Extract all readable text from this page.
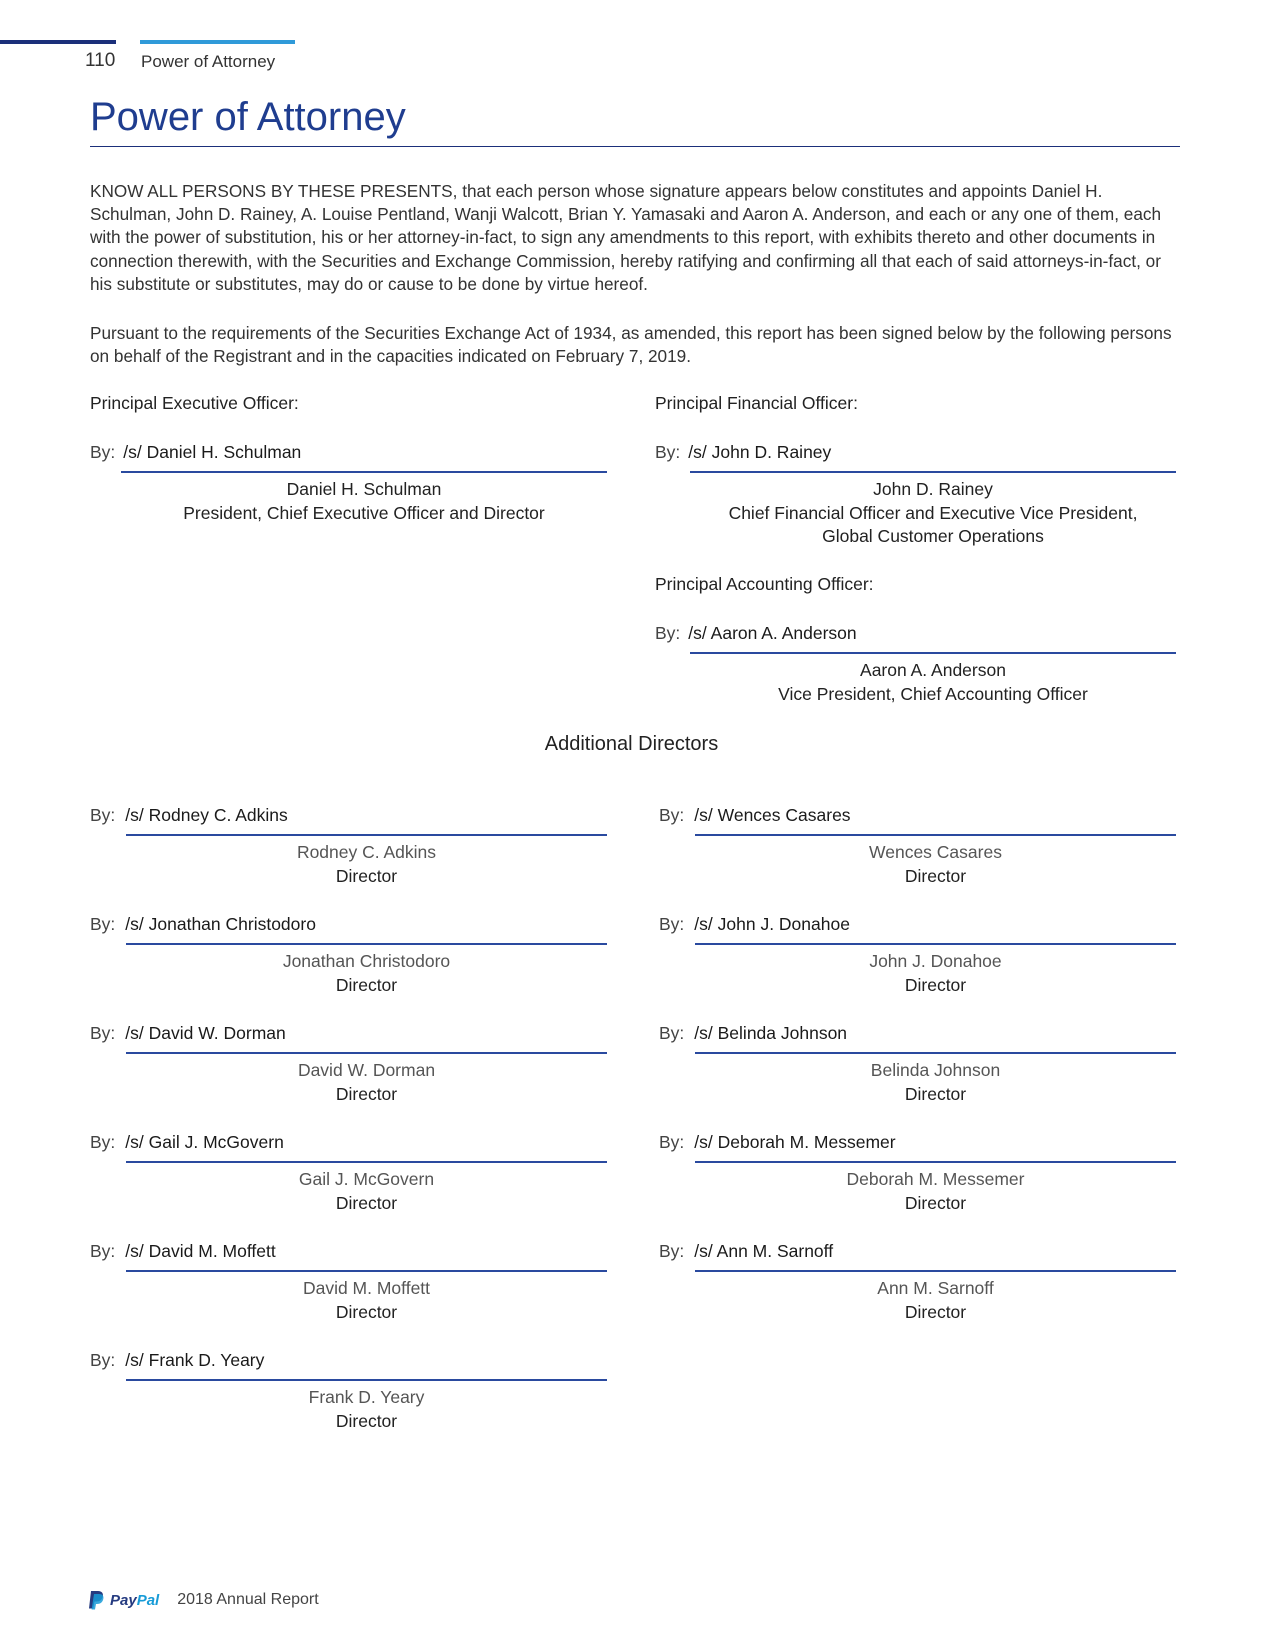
110 Power of Attorney
Power of Attorney

KNOW ALL PERSONS BY THESE PRESENTS, that each person whose signature appears below constitutes and appoints Daniel H. Schulman, John D. Rainey, A. Louise Pentland, Wanji Walcott, Brian Y. Yamasaki and Aaron A. Anderson, and each or any one of them, each with the power of substitution, his or her attorney-in-fact, to sign any amendments to this report, with exhibits thereto and other documents in connection therewith, with the Securities and Exchange Commission, hereby ratifying and confirming all that each of said attorneys-in-fact, or his substitute or substitutes, may do or cause to be done by virtue hereof.

Pursuant to the requirements of the Securities Exchange Act of 1934, as amended, this report has been signed below by the following persons on behalf of the Registrant and in the capacities indicated on February 7, 2019.

Principal Executive Officer:
By: /s/ Daniel H. Schulman
Daniel H. Schulman
President, Chief Executive Officer and Director
Principal Financial Officer:
By: /s/ John D. Rainey
John D. Rainey
Chief Financial Officer and Executive Vice President,
Global Customer Operations
Principal Accounting Officer:
By: /s/ Aaron A. Anderson
Aaron A. Anderson
Vice President, Chief Accounting Officer
Additional Directors
By: /s/ Rodney C. Adkins
Rodney C. Adkins
Director
By: /s/ Wences Casares
Wences Casares
Director
By: /s/ Jonathan Christodoro
Jonathan Christodoro
Director
By: /s/ John J. Donahoe
John J. Donahoe
Director
By: /s/ David W. Dorman
David W. Dorman
Director
By: /s/ Belinda Johnson
Belinda Johnson
Director
By: /s/ Gail J. McGovern
Gail J. McGovern
Director
By: /s/ Deborah M. Messemer
Deborah M. Messemer
Director
By: /s/ David M. Moffett
David M. Moffett
Director
By: /s/ Ann M. Sarnoff
Ann M. Sarnoff
Director
By: /s/ Frank D. Yeary
Frank D. Yeary
Director
PayPal 2018 Annual Report
